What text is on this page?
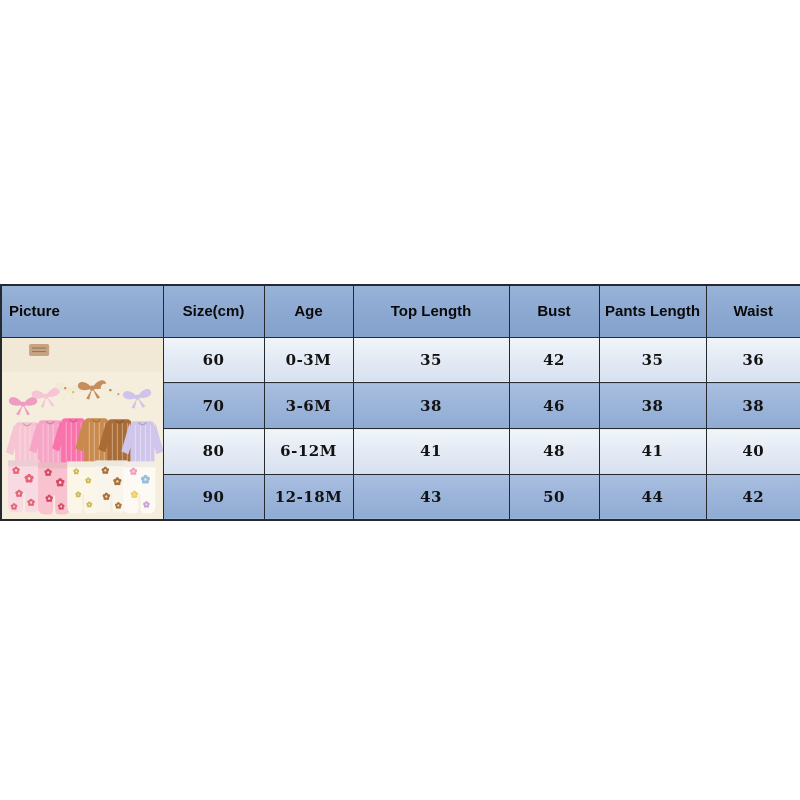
Picture	Size(cm)	Age	Top Length	Bust	Pants Length	Waist

	60	0-3M	35	42	35	36
	70	3-6M	38	46	38	38
	80	6-12M	41	48	41	40
	90	12-18M	43	50	44	42
